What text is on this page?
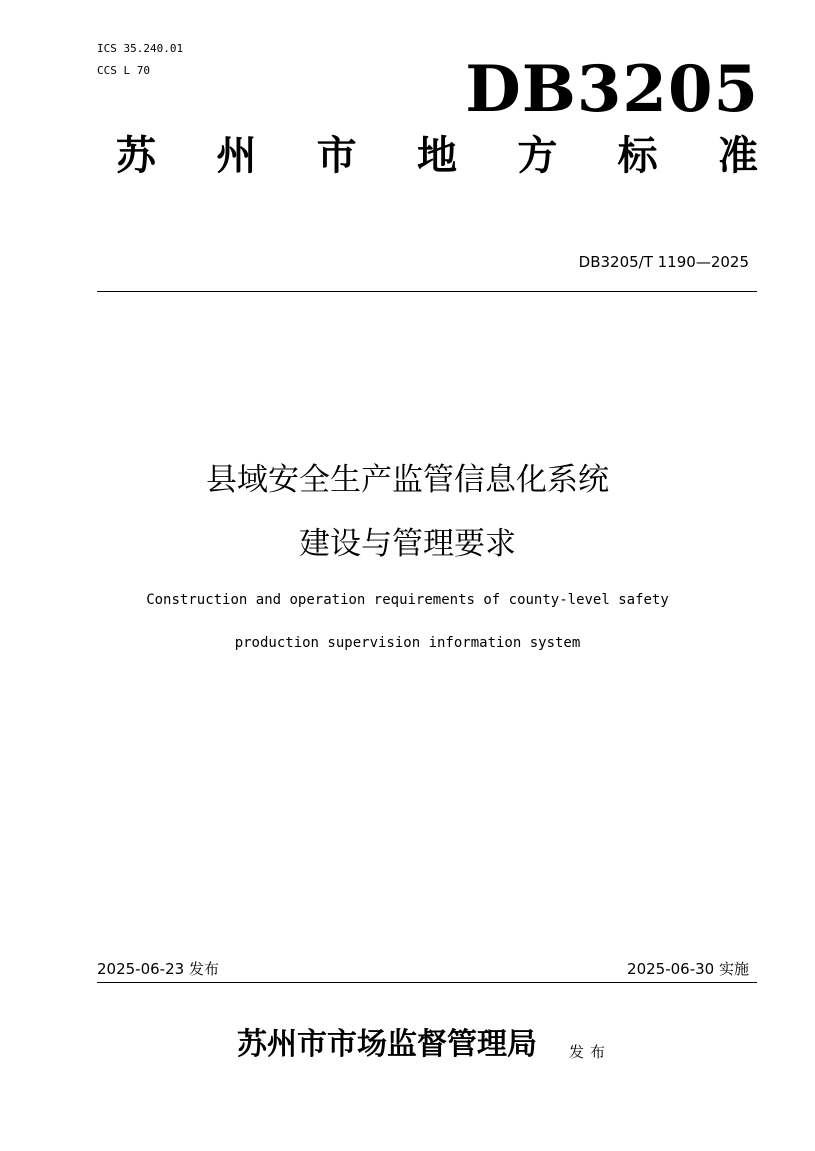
ICS 35.240.01
CCS L 70	DB3205
苏 州 市 地 方 标 准
DB3205/T 1190—2025
县域安全生产监管信息化系统
建设与管理要求
Construction and operation requirements of county-level safety
production supervision information system
2025-06-23 发布	2025-06-30 实施
苏州市市场监督管理局 发布
